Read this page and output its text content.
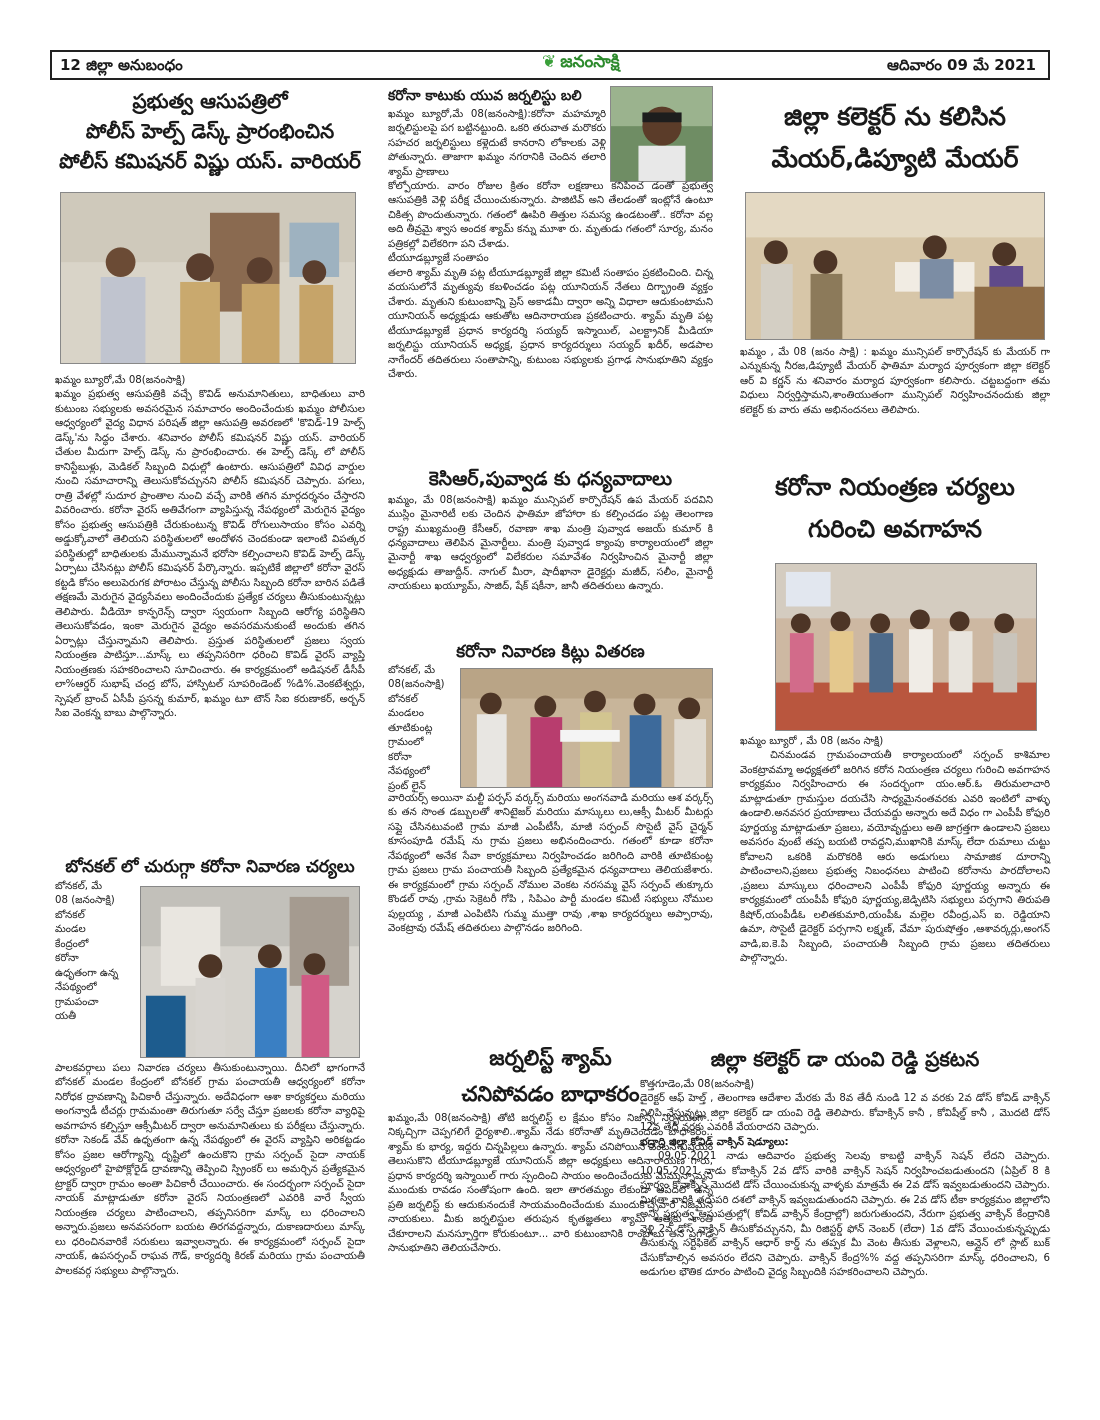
12 జిల్లా అనుబంధం	❦ జనంసాక్షి	ఆదివారం 09 మే 2021

ప్రభుత్వ ఆసుపత్రిలో

పోలీస్ హెల్ప్ డెస్క్ ప్రారంభించిన

పోలీస్ కమిషనర్ విష్ణు యస్. వారియర్

ఖమ్మం బ్యూరో,మే 08(జనంసాక్షి)

ఖమ్మం ప్రభుత్వ ఆసుపత్రికి వచ్చే కొవిడ్ అనుమానితులు, బాధితులు వారి కుటుంబ సభ్యులకు అవసరమైన సమాచారం అందించేందుకు ఖమ్మం పోలీసుల ఆధ్వర్యంలో వైద్య విధాన పరిషత్ జిల్లా ఆసుపత్రి అవరణలో 'కొవిడ్-19 హెల్ప్ డెస్క్'ను సిద్ధం చేశారు. శనివారం పోలీస్ కమిషనర్ విష్ణు యస్. వారియర్ చేతుల మీదుగా హెల్ప్ డెస్క్ ను ప్రారంభించారు. ఈ హెల్ప్ డెస్క్ లో పోలీస్ కానిస్టేబుళ్లు, మెడికల్ సిబ్బంది విధుల్లో ఉంటారు. ఆసుపత్రిలో వివిధ వార్డుల నుంచి సమాచారాన్ని తెలుసుకోవచ్చునని పోలీస్ కమిషనర్ చెప్పారు. పగలు, రాత్రి వేళల్లో సుదూర ప్రాంతాల నుంచి వచ్చే వారికి తగిన మార్గదర్శనం చేస్తారని వివరించారు. కరోనా వైరస్ అతివేగంగా వ్యాపిస్తున్న నేపథ్యంలో మెరుగైన వైద్యం కోసం ప్రభుత్వ ఆసుపత్రికి చేరుకుంటున్న కొవిడ్ రోగులుసాయం కోసం ఎవర్ని అడ్డుక్కోవాలో తెలియని పరిస్థితులలో అందోళన చెందకుండా ఇలాంటి విపత్కర పరిస్థితుల్లో బాధితులకు మేమున్నామనే భరోసా కల్పించాలని కొవిడ్ హెల్ప్ డెస్క్ ఏర్పాటు చేసినట్లు పోలీస్ కమిషనర్ పేర్కొన్నారు. ఇప్పటికే జిల్లాలో కరోనా వైరస్ కట్టడి కోసం అలుపెరుగక పోరాటం చేస్తున్న పోలీసు సిబ్బంది కరోనా బారిన పడితే తక్షణమే మెరుగైన వైద్యసేవలు అందించేందుకు ప్రత్యేక చర్యలు తీసుకుంటున్నట్లు తెలిపారు. వీడియో కాన్ఫరెన్స్ ద్వారా స్వయంగా సిబ్బంది ఆరోగ్య పరిస్థితిని తెలుసుకోవడం, ఇంకా మెరుగైన వైద్యం అవసరమనుకుంటే అందుకు తగిన ఏర్పాట్లు చేస్తున్నామని తెలిపారు. ప్రస్తుత పరిస్థితులలో ప్రజలు స్వయ నియంత్రణ పాటిస్తూ...మాస్క్ లు తప్పనిసరిగా ధరించి కొవిడ్ వైరస్ వ్యాప్తి నియంత్రణకు సహకరించాలని సూచించారు. ఈ కార్యక్రమంలో అడిషనల్ డీసీపీ లా%ఆర్డర్ సుభాష్ చంద్ర బోస్, హాస్పిటల్ సూపరిండెంట్ %డి%.వెంకటేశ్వర్లు, స్పెషల్ బ్రాంచ్ ఏసీపీ ప్రసన్న కుమార్, ఖమ్మం టూ టౌన్ సిఐ కరుణాకర్, అర్బన్ సిఐ వెంకన్న బాబు పాల్గొన్నారు.

బోనకల్ లో చురుగ్గా కరోనా నివారణ చర్యలు

బోనకల్, మే
08 (జనంసాక్షి)
బోనకల్
మండల
కేంద్రంలో
కరోనా
ఉధృతంగా ఉన్న
నేపథ్యంలో
గ్రామపంచా
యతీ

పాలకవర్గాలు పలు నివారణ చర్యలు తీసుకుంటున్నాయి. దీనిలో భాగంగానే బోనకల్ మండల కేంద్రంలో బోనకల్ గ్రామ పంచాయతీ ఆధ్వర్యంలో కరోనా నిరోధక ద్రావణాన్ని పిచికారీ చేస్తున్నారు. అదేవిధంగా ఆశా కార్యకర్తలు మరియు అంగన్వాడీ టీచర్లు గ్రామమంతా తిరుగుతూ సర్వే చేస్తూ ప్రజలకు కరోనా వ్యాధిపై అవగాహన కల్పిస్తూ ఆక్సీమీటర్ ద్వారా అనుమానితులు కు పరీక్షలు చేస్తున్నారు. కరోనా సెకండ్ వేవ్ ఉధృతంగా ఉన్న నేపథ్యంలో ఈ వైరస్ వ్యాప్తిని అరికట్టడం కోసం ప్రజల ఆరోగ్యాన్ని దృష్టిలో ఉంచుకొని గ్రామ సర్పంచ్ సైదా నాయక్ ఆధ్వర్యంలో హైపోక్లోరైడ్ ద్రావణాన్ని తెప్పించి స్ప్రింకర్ లు అమర్చిన ప్రత్యేకమైన ట్రాక్టర్ ద్వారా గ్రామం అంతా పిచికారీ చేయించారు. ఈ సందర్భంగా సర్పంచ్ సైదా నాయక్ మాట్లాడుతూ కరోనా వైరస్ నియంత్రణలో ఎవరికి వారే స్వీయ నియంత్రణ చర్యలు పాటించాలని, తప్పనిసరిగా మాస్క్ లు ధరించాలని అన్నారు.ప్రజలు అనవసరంగా బయట తిరగవద్దన్నారు, దుకాణదారులు మాస్క్ లు ధరించినవారికే సరుకులు ఇవ్వాలన్నారు. ఈ కార్యక్రమంలో సర్పంచ్ సైదా నాయక్, ఉపసర్పంచ్ రాఘవ గౌడ్, కార్యదర్శి కిరణ్ మరియు గ్రామ పంచాయతీ పాలకవర్గ సభ్యులు పాల్గొన్నారు.

కరోనా కాటుకు యువ జర్నలిస్టు బలి

ఖమ్మం బ్యూరో,మే 08(జనంసాక్షి):కరోనా మహమ్మారి జర్నలిస్టులపై పగ బట్టినట్టుంది. ఒకరి తరువాత మరొకరు సహచర జర్నలిస్టులు కళ్లెదుటే కానరాని లోకాలకు వెళ్లి పోతున్నారు. తాజాగా ఖమ్మం నగరానికి చెందిన తలారి శ్యామ్ ప్రాణాలు

కోల్పోయారు. వారం రోజుల క్రితం కరోనా లక్షణాలు కనిపించ డంతో ప్రభుత్వ ఆసుపత్రికి వెళ్లి పరీక్ష చేయించుకున్నారు. పాజిటివ్ అని తేలడంతో ఇంట్లోనే ఉంటూ చికిత్స పొందుతున్నారు. గతంలో ఊపిరి తిత్తుల సమస్య ఉండటంతో.. కరోనా వల్ల అది తీవ్రమై శ్వాస అందక శ్యామ్ కన్ను మూశా రు. మృతుడు గతంలో సూర్య, మనం పత్రికల్లో విలేకరిగా పని చేశాడు.

టీయూడబ్ల్యూజే సంతాపం

తలారి శ్యామ్ మృతి పట్ల టీయూడబ్ల్యూజే జిల్లా కమిటీ సంతాపం ప్రకటించింది. చిన్న వయసులోనే మృత్యువు కబళించడం పట్ల యూనియన్ నేతలు దిగ్భ్రాంతి వ్యక్తం చేశారు. మృతుని కుటుంబాన్ని ప్రెస్ అకాడమీ ద్వారా అన్ని విధాలా ఆదుకుంటామని యూనియన్ అధ్యక్షుడు ఆకుతోట ఆదినారాయణ ప్రకటించారు. శ్యామ్ మృతి పట్ల టీయూడబ్ల్యూజే ప్రధాన కార్యదర్శి సయ్యద్ ఇస్మాయిల్, ఎలక్ట్రానిక్ మీడియా జర్నలిస్టు యూనియన్ అధ్యక్ష, ప్రధాన కార్యదర్శులు సయ్యద్ ఖదీర్, అడపాల నాగేందర్ తదితరులు సంతాపాన్ని, కుటుంబ సభ్యులకు ప్రగాఢ సానుభూతిని వ్యక్తం చేశారు.

కెసిఆర్,పువ్వాడ కు ధన్యవాదాలు

ఖమ్మం, మే 08(జనంసాక్షి) ఖమ్మం మున్సిపల్ కార్పొరేషన్ ఉప మేయర్ పదవిని ముస్లిం మైనారిటీ లకు చెందిన ఫాతిమా జోహారా కు కల్పించడం పట్ల తెలంగాణ రాష్ట్ర ముఖ్యమంత్రి కేసీఆర్, రవాణా శాఖ మంత్రి పువ్వాడ అజయ్ కుమార్ కి ధన్యవాదాలు తెలిపిన మైనార్టీలు. మంత్రి పువ్వాడ క్యాంపు కార్యాలయంలో జిల్లా మైనార్టీ శాఖ ఆధ్వర్యంలో విలేకరుల సమావేశం నిర్వహించిన మైనార్టీ జిల్లా అధ్యక్షుడు తాజుద్దీన్. నాగుల్ మీరా, షాదీఖానా డైరెక్టర్లు మజీద్, సలీం, మైనార్టీ నాయకులు ఖయ్యూమ్, సాజిద్, షేక్ షకీనా, జానీ తదితరులు ఉన్నారు.

కరోనా నివారణ కిట్లు వితరణ

బోనకల్, మే
08(జనంసాక్షి)
బోనకల్
మండలం
తూటికుంట్ల
గ్రామంలో
కరోనా
నేపథ్యంలో
ప్రంట్ లైన్

వారియర్స్ అయినా మల్టీ పర్పస్ వర్కర్స్ మరియు అంగనవాడి మరియు ఆశ వర్కర్స్ కు తన సొంత డబ్బులతో శానిటైజర్ మరియు మాస్కులు లు,ఆక్సీ మీటర్ మీటర్లు సప్లై చేసినటువంటి గ్రామ మాజీ ఎంపీటీసీ, మాజీ సర్పంచ్ సొసైటీ వైస్ చైర్మన్ కూసంపూడి రమేష్ ను గ్రామ ప్రజలు అభినందించారు. గతంలో కూడా కరోనా నేపథ్యంలో అనేక సేవా కార్యక్రమాలు నిర్వహించడం జరిగింది వారికి తూటికుంట్ల గ్రామ ప్రజలు గ్రామ పంచాయతీ సిబ్బంది ప్రత్యేకమైన ధన్యవాదాలు తెలియజేశారు. ఈ కార్యక్రమంలో గ్రామ సర్పంచ్ నోముల వెంకట నరసమ్మ వైస్ సర్పంచ్ తుక్కూరు కొండల్ రావు ,గ్రామ సెక్రెటరీ గోపి , సిపిఎం పార్టీ మండల కమిటీ సభ్యులు నోముల పుల్లయ్య , మాజీ ఎంపిటిసి గుమ్మ ముత్తా రావు ,శాఖ కార్యదర్శులు అప్పారావు, వెంకట్రావు రమేష్ తదితరులు పాల్గొనడం జరిగింది.

జర్నలిస్ట్ శ్యామ్

చనిపోవడం బాధాకరం

ఖమ్మం,మే 08(జనంసాక్షి) తోటి జర్నలిస్ట్ ల క్షేమం కోసం నిజాన్ని నిర్భయంగా.. నిక్కచ్చిగా చెప్పగలిగే ధైర్యశాలి..శ్యామ్ నేడు కరోనాతో మృతిచెందడం బాధాకరం.. శ్యామ్ కు భార్య, ఇద్దరు చిన్నపిల్లలు ఉన్నారు. శ్యామ్ చనిపోయిన వెంటనే విషయం తెలుసుకొని టీయూడబ్ల్యూజే యూనియన్ జిల్లా అధ్యక్షులు ఆదినారాయణ గారు, ప్రధాన కార్యదర్శి ఇస్మాయిల్ గారు స్పందించి సాయం అందించేందుకు మేమున్నామని ముందుకు రావడం సంతోషంగా ఉంది. ఇలా తారతమ్యం లేకుండా ఆపదలో ఉన్న ప్రతి జర్నలిస్ట్ కు ఆదుకునందుకే సాయమందించేందుకు ముందుకొచ్చేవారే నిజమైన నాయకులు. మీకు జర్నలిస్టుల తరుపున కృతజ్ఞతలు శ్యామ్ ఆత్మకు శాంతి చేకూరాలని మనస్పూర్తిగా కోరుకుంటూ... వారి కుటుంబానికి రాంబాబు తన ప్రగాఢ సానుభూతిని తెలియచేసారు.

జిల్లా కలెక్టర్ ను కలిసిన

మేయర్,డిప్యూటి మేయర్

ఖమ్మం , మే 08 (జనం సాక్షి) : ఖమ్మం మున్సిపల్ కార్పొరేషన్ కు మేయర్ గా ఎన్నుకున్న నీరజ,డిప్యూటీ మేయర్ ఫాతిమా మర్యాద పూర్వకంగా జిల్లా కలెక్టర్ ఆర్ వి కర్ణన్ ను శనివారం మర్యాద పూర్వకంగా కలిసారు. చట్టబద్దంగా తమ విధులు నిర్వర్తిస్తామని,శాంతియుతంగా మున్సిపల్ నిర్వహించనందుకు జిల్లా కలెక్టర్ కు వారు తమ అభినందనలు తెలిపారు.

కరోనా నియంత్రణ చర్యలు

గురించి అవగాహన

ఖమ్మం బ్యూరో , మే 08 (జనం సాక్షి)

చినమండవ గ్రామపంచాయతీ కార్యాలయంలో సర్పంచ్ కాశిమాల వెంకట్రావమ్మా అధ్యక్షతలో జరిగిన కరోన నియంత్రణ చర్యలు గురించి అవగాహన కార్యక్రమం నిర్వహించారు ఈ సందర్భంగా యం.ఆర్.ఓ తిరుమలాచారి మాట్లాడుతూ గ్రామస్తుల దయచేసి సాధ్యమైనంతవరకు ఎవరి ఇంటిలో వాళ్ళు ఉండాలి.అనవసర ప్రయాణాలు చేయవద్దు అన్నారు అదే విధం గా ఎంపీపీ కోఫురి పూర్ణయ్య మాట్లాడుతూ ప్రజలు, వయోవృద్దులు అతి జాగ్రత్తగా ఉండాలని ప్రజలు అవసరం వుంటే తప్ప బయటి రావద్దని,ముఖానికి మాస్క్ లేదా రుమాలు చుట్టు కోవాలని ఒకరికి మరొకరికి ఆరు అడుగులు సామాజిక దూరాన్ని పాటించాలని,ప్రజలు ప్రభుత్వ నిబంధనలు పాటించి కరోనాను పారదోలాలని ,ప్రజలు మాస్కులు ధరించాలని ఎంపీపీ కోఫురి పూర్ణయ్య అన్నారు ఈ కార్యక్రమంలో యంపీపీ కోఫురి పూర్ణయ్య,జెడ్పిటిసి సభ్యులు పర్సగాని తిరుపతి కిషోర్,యంపీడీఓ లలితకుమారి,యంపీఓ మల్లెల రవీంద్ర,ఎస్ ఐ. రెడ్డియాని ఉమా, సొసైటీ డైరెక్టర్ పర్సగాని లక్ష్మణ్, వేమా పురుషోత్తం ,ఆశావర్కర్లు,అంగన్ వాడి,ఐ.కె.పి సిబ్బంది, పంచాయతీ సిబ్బంది గ్రామ ప్రజలు తదితరులు పాల్గొన్నారు.

జిల్లా కలెక్టర్ డా యంవి రెడ్డి ప్రకటన

కొత్తగూడెం,మే 08(జనంసాక్షి)

డైరెక్టర్ ఆఫ్ హెల్త్ , తెలంగాణ ఆదేశాల మేరకు మే 8వ తేదీ నుండి 12 వ వరకు 2వ డోస్ కోవిడ్ వాక్సిన్ నిలిపి వేస్తున్నట్లు జిల్లా కలెక్టర్ డా యంవి రెడ్డి తెలిపారు. కోవాక్సిన్ కానీ , కోవిషీల్డ్ కానీ , మొదటి డోస్ 12వ తేదీ వరకు ఎవరికీ వేయరాదని చెప్పారు.

భద్రాద్రి జిల్లా కోవిడ్ వాక్సిన్ షెడ్యూలు:

09.05.2021 నాడు ఆదివారం ప్రభుత్వ సెలవు కాబట్టి వాక్సిన్ సెషన్ లేదని చెప్పారు. 10.05.2021 నాడు కోవాక్సిన్ 2వ డోస్ వారికి వాక్సిన్ సెషన్ నిర్వహించబడుతుందని (ఏప్రిల్ 8 కి పూర్వం కోవాక్సిన్ మొదటి డోస్ చేయించుకున్న వాళ్ళకు మాత్రమే ఈ 2వ డోస్ ఇవ్వబడుతుందని చెప్పారు. మిగతా వారికి తదుపరి దశలో వాక్సిన్ ఇవ్వబడుతుందని చెప్పారు. ఈ 2వ డోస్ టీకా కార్యక్రమం జిల్లాలోని అన్ని ప్రభుత్వ ఆసుపత్రుల్లో( కోవిడ్ వాక్సిన్ కేంద్రాల్లో) జరుగుతుందని, నేరుగా ప్రభుత్వ వాక్సిన్ కేంద్రానికి వెళ్లి 2వ డోస్ వాక్సిన్ తీసుకోవచ్చునని, మీ రిజిస్టర్డ్ ఫోన్ నెంబర్ (లేదా) 1వ డోస్ వేయించుకున్నప్పుడు తీసుకున్న సర్టిఫికెట్ వాక్సిన్ ఆధార్ కార్డ్ ను తప్పక మీ వెంట తీసుకు వెళ్లాలని, ఆన్లైన్ లో స్లాట్ బుక్ చేసుకోవాల్సిన అవసరం లేదని చెప్పారు. వాక్సిన్ కేంద్ర%% వద్ద తప్పనిసరిగా మాస్క్ ధరించాలని, 6 అడుగుల భౌతిక దూరం పాటించి వైద్య సిబ్బందికి సహకరించాలని చెప్పారు.
